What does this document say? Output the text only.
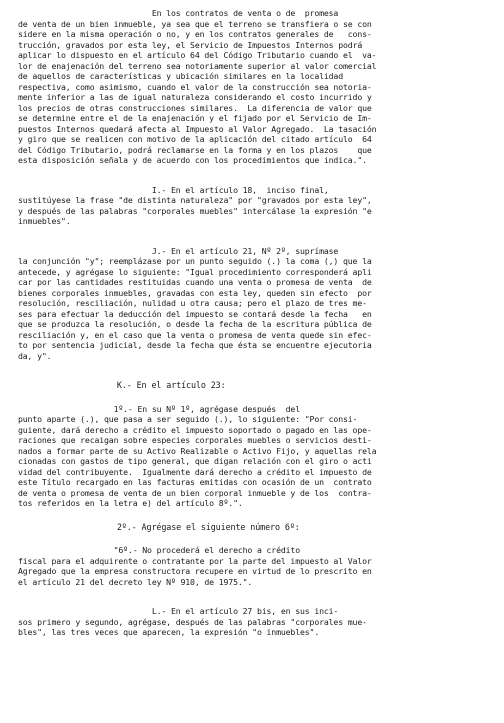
En los contratos de venta o de  promesa
de venta de un bien inmueble, ya sea que el terreno se transfiera o se con
sidere en la misma operación o no, y en los contratos generales de   cons-
trucción, gravados por esta ley, el Servicio de Impuestos Internos podrá
aplicar lo dispuesto en el artículo 64 del Código Tributario cuando el  va-
lor de enajenación del terreno sea notoriamente superior al valor comercial
de aquellos de características y ubicación similares en la localidad
respectiva, como asimismo, cuando el valor de la construcción sea notoria-
mente inferior a las de igual naturaleza considerando el costo incurrido y
los precios de otras construcciones similares.  La diferencia de valor que
se determine entre el de la enajenación y el fijado por el Servicio de Im-
puestos Internos quedará afecta al Impuesto al Valor Agregado.  La tasación
y giro que se realicen con motivo de la aplicación del citado artículo  64
del Código Tributario, podrá reclamarse en la forma y en los plazos    que
esta disposición señala y de acuerdo con los procedimientos que indica.".
I.- En el artículo 18,  inciso final,
sustitúyese la frase "de distinta naturaleza" por "gravados por esta ley",
y después de las palabras "corporales muebles" intercálase la expresión "e
inmuebles".
J.- En el artículo 21, Nº 2º, suprímase
la conjunción "y"; reemplázase por un punto seguido (.) la coma (,) que la
antecede, y agrégase lo siguiente: "Igual procedimiento corresponderá apli
car por las cantidades restituidas cuando una venta o promesa de venta  de
bienes corporales inmuebles, gravadas con esta ley, queden sin efecto  por
resolución, resciliación, nulidad u otra causa; pero el plazo de tres me-
ses para efectuar la deducción del impuesto se contará desde la fecha   en
que se produzca la resolución, o desde la fecha de la escritura pública de
resciliación y, en el caso que la venta o promesa de venta quede sin efec-
to por sentencia judicial, desde la fecha que ésta se encuentre ejecutoria
da, y".
K.- En el artículo 23:
1º.- En su Nº 1º, agrégase después  del
punto aparte (.), que pasa a ser seguido (.), lo siguiente: "Por consi-
guiente, dará derecho a crédito el impuesto soportado o pagado en las ope-
raciones que recaigan sobre especies corporales muebles o servicios desti-
nados a formar parte de su Activo Realizable o Activo Fijo, y aquellas rela
cionadas con gastos de tipo general, que digan relación con el giro o acti
vidad del contribuyente.  Igualmente dará derecho a crédito el impuesto de
este Título recargado en las facturas emitidas con ocasión de un  contrato
de venta o promesa de venta de un bien corporal inmueble y de los  contra-
tos referidos en la letra e) del artículo 8º.".
2º.- Agrégase el siguiente número 6º:
"6º.- No procederá el derecho a crédito
fiscal para el adquirente o contratante por la parte del impuesto al Valor
Agregado que la empresa constructora recupere en virtud de lo prescrito en
el artículo 21 del decreto ley Nº 910, de 1975.".
L.- En el artículo 27 bis, en sus inci-
sos primero y segundo, agrégase, después de las palabras "corporales mue-
bles", las tres veces que aparecen, la expresión "o inmuebles".
